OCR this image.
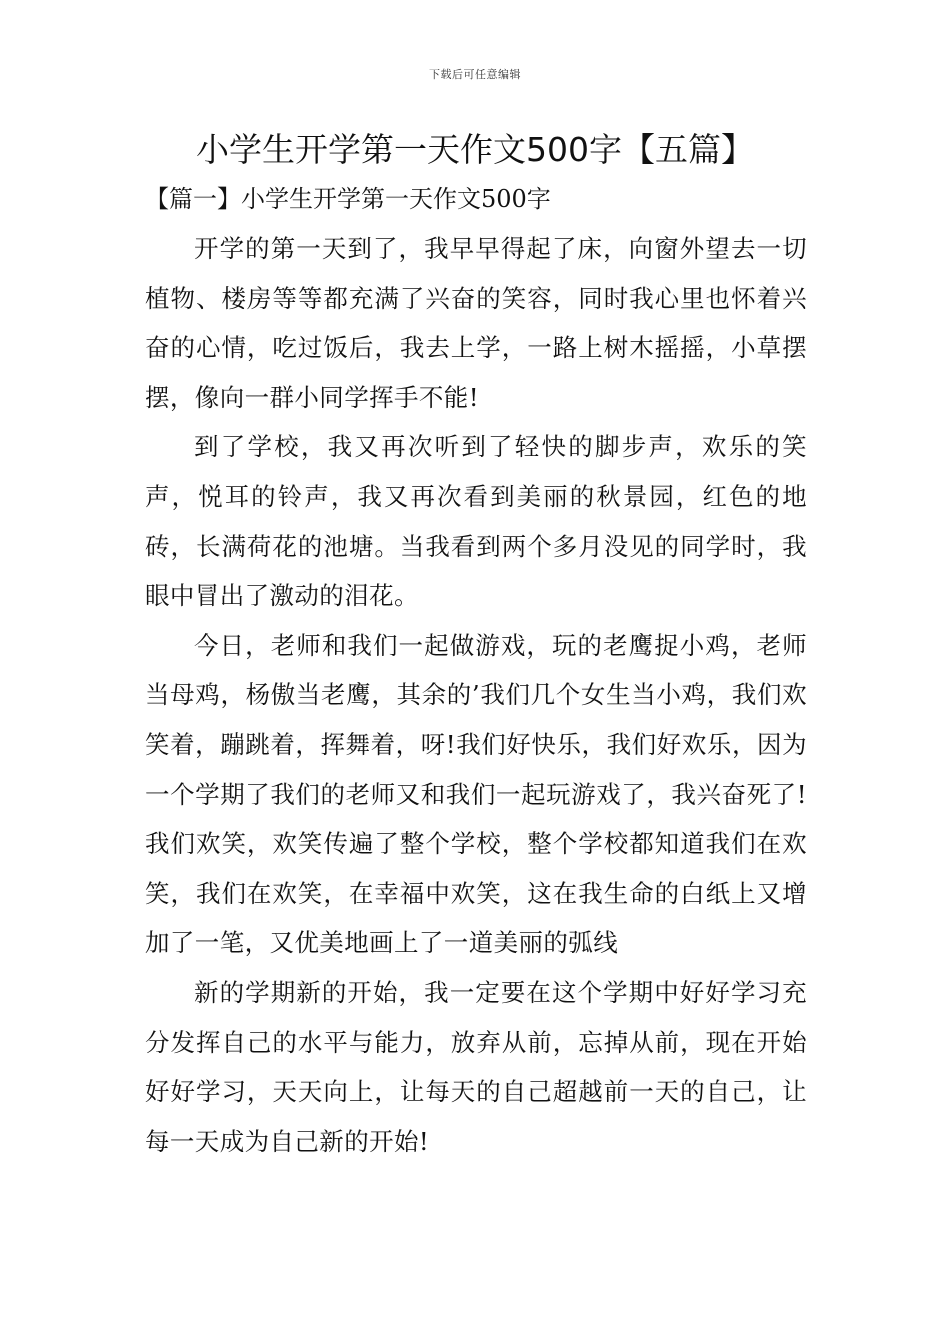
下载后可任意编辑
小学生开学第一天作文500字【五篇】
【篇一】小学生开学第一天作文500字

开学的第一天到了，我早早得起了床，向窗外望去一切植物、楼房等等都充满了兴奋的笑容，同时我心里也怀着兴奋的心情，吃过饭后，我去上学，一路上树木摇摇，小草摆摆，像向一群小同学挥手不能!

到了学校，我又再次听到了轻快的脚步声，欢乐的笑声，悦耳的铃声，我又再次看到美丽的秋景园，红色的地砖，长满荷花的池塘。当我看到两个多月没见的同学时，我眼中冒出了激动的泪花。

今日，老师和我们一起做游戏，玩的老鹰捉小鸡，老师当母鸡，杨傲当老鹰，其余的’我们几个女生当小鸡，我们欢笑着，蹦跳着，挥舞着，呀!我们好快乐，我们好欢乐，因为一个学期了我们的老师又和我们一起玩游戏了，我兴奋死了!我们欢笑，欢笑传遍了整个学校，整个学校都知道我们在欢笑，我们在欢笑，在幸福中欢笑，这在我生命的白纸上又增加了一笔，又优美地画上了一道美丽的弧线

新的学期新的开始，我一定要在这个学期中好好学习充分发挥自己的水平与能力，放弃从前，忘掉从前，现在开始好好学习，天天向上，让每天的自己超越前一天的自己，让每一天成为自己新的开始!
